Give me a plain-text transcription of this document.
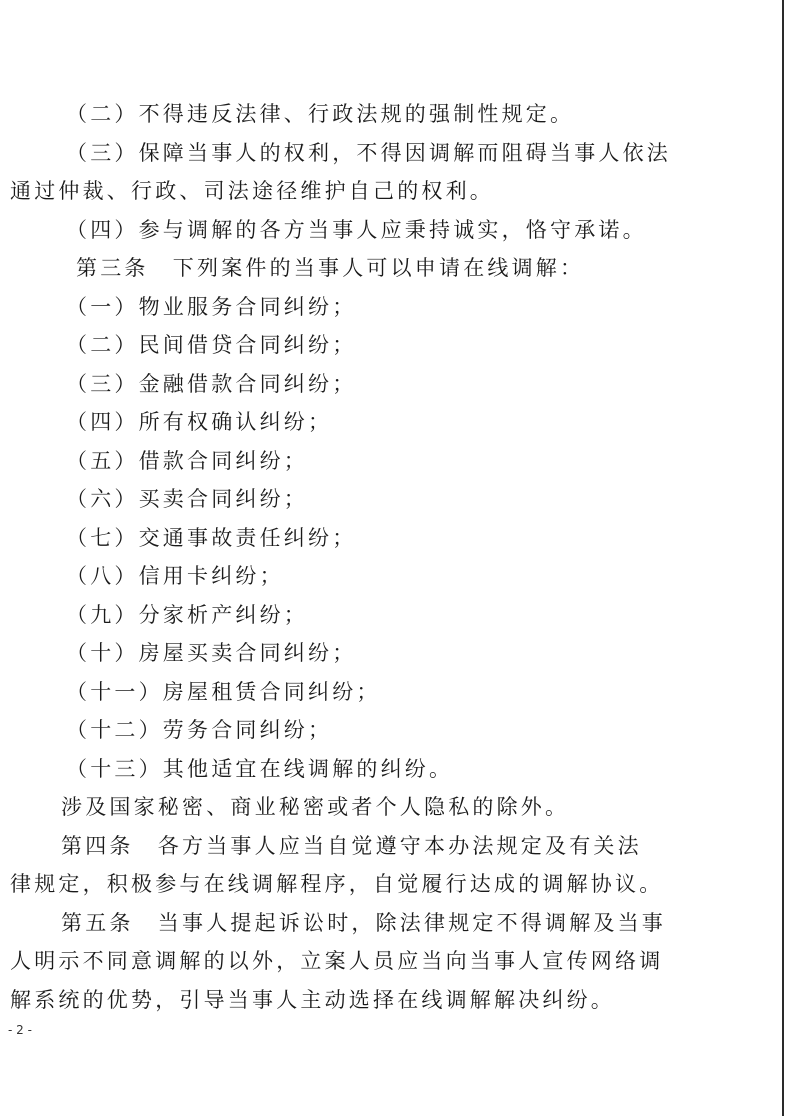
（二）不得违反法律、行政法规的强制性规定。
（三）保障当事人的权利，不得因调解而阻碍当事人依法
通过仲裁、行政、司法途径维护自己的权利。
（四）参与调解的各方当事人应秉持诚实，恪守承诺。
第三条　下列案件的当事人可以申请在线调解：
（一）物业服务合同纠纷；
（二）民间借贷合同纠纷；
（三）金融借款合同纠纷；
（四）所有权确认纠纷；
（五）借款合同纠纷；
（六）买卖合同纠纷；
（七）交通事故责任纠纷；
（八）信用卡纠纷；
（九）分家析产纠纷；
（十）房屋买卖合同纠纷；
（十一）房屋租赁合同纠纷；
（十二）劳务合同纠纷；
（十三）其他适宜在线调解的纠纷。
涉及国家秘密、商业秘密或者个人隐私的除外。
第四条　各方当事人应当自觉遵守本办法规定及有关法
律规定，积极参与在线调解程序，自觉履行达成的调解协议。
第五条　当事人提起诉讼时，除法律规定不得调解及当事
人明示不同意调解的以外，立案人员应当向当事人宣传网络调
解系统的优势，引导当事人主动选择在线调解解决纠纷。
- 2 -
